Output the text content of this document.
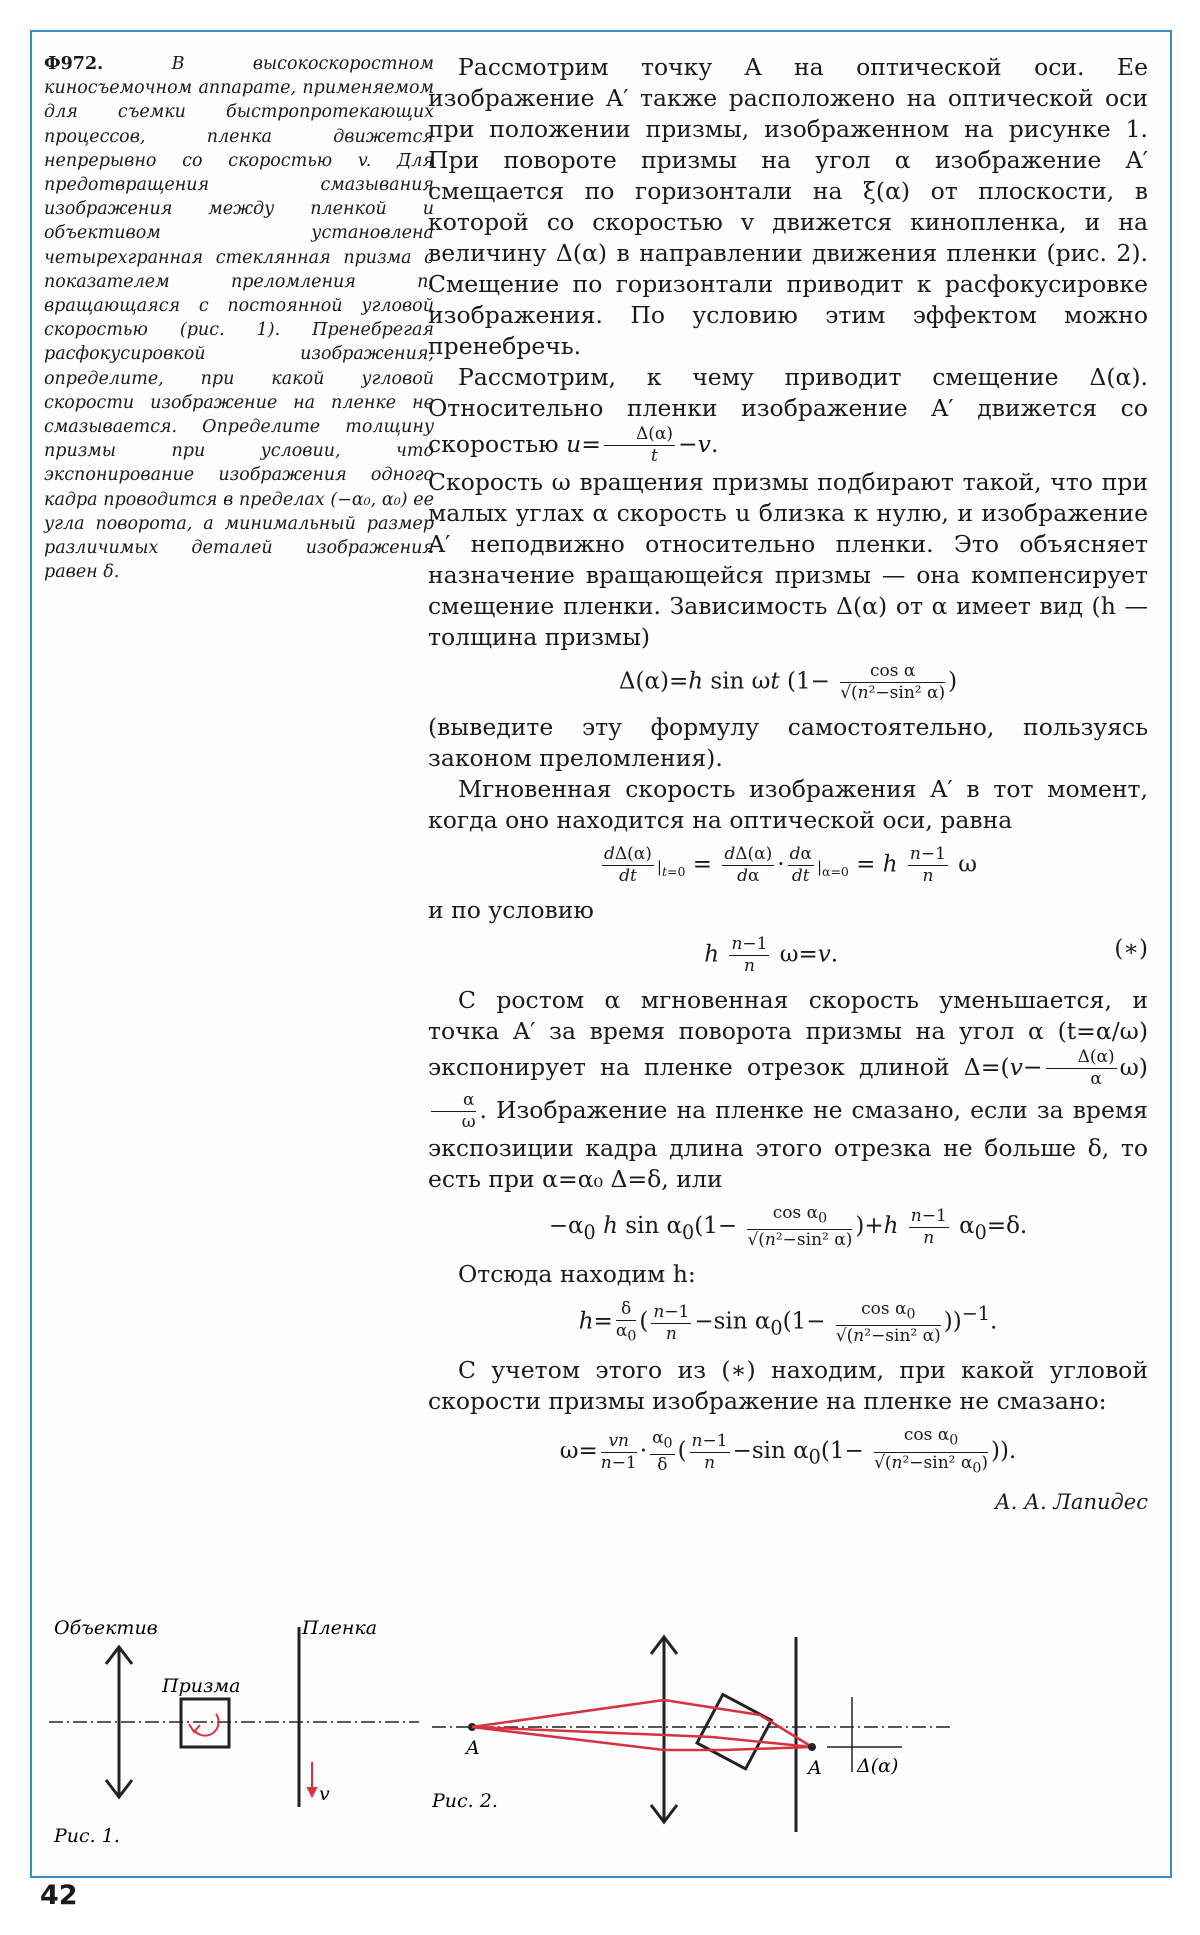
Ф972.	В высокоскоростном киносъемочном аппарате, применяемом для съемки быстропротекающих процессов, пленка движется непрерывно со скоростью v. Для предотвращения смазывания изображения между пленкой и объективом установлена четырехгранная стеклянная призма с показателем преломления n, вращающаяся с постоянной угловой скоростью (рис. 1). Пренебрегая расфокусировкой изображения, определите, при какой угловой скорости изображение на пленке не смазывается. Определите толщину призмы при условии, что экспонирование изображения одного кадра проводится в пределах (−α₀, α₀) ее угла поворота, а минимальный размер различимых деталей изображения равен δ.

Рассмотрим точку A на оптической оси. Ее изображение A′ также расположено на оптической оси при положении призмы, изображенном на рисунке 1. При повороте призмы на угол α изображение A′ смещается по горизонтали на ξ(α) от плоскости, в которой со скоростью v движется кинопленка, и на величину Δ(α) в направлении движения пленки (рис. 2). Смещение по горизонтали приводит к расфокусировке изображения. По условию этим эффектом можно пренебречь.

Рассмотрим, к чему приводит смещение Δ(α). Относительно пленки изображение A′ движется со скоростью $u= \frac{\Delta(\alpha)}{t} -v$.

Скорость ω вращения призмы подбирают такой, что при малых углах α скорость u близка к нулю, и изображение A′ неподвижно относительно пленки. Это объясняет назначение вращающейся призмы — она компенсирует смещение пленки. Зависимость Δ(α) от α имеет вид (h — толщина призмы)

Δ(α)=h sin ωt ($1- \frac{\text{cos α}}{\text{√(n²−sin² α)}}$ )

(выведите эту формулу самостоятельно, пользуясь законом преломления).

Мгновенная скорость изображения A′ в тот момент, когда оно находится на оптической оси, равна

$\frac{d\Delta(\alpha)}{dt} |_{t=0} = \frac{d\Delta(\alpha)}{d\alpha} \cdot \frac{d\alpha}{dt} |_{\alpha=0} = h \frac{n-1}{n}$ ω

и по условию

(∗)
h $\frac{n-1}{n} \omega=v$.

С ростом α мгновенная скорость уменьшается, и точка A′ за время поворота призмы на угол α (t=α/ω) экспонирует на пленке отрезок длиной $\Delta=(v- \frac{\Delta(\alpha)}{\alpha} \omega)$
$\frac{\alpha}{\omega}$ . Изображение на пленке не смазано, если за время экспозиции кадра длина этого отрезка не больше δ, то есть при α=α₀ Δ=δ, или

$-\alpha_0$ h $\sin \alpha_0(1- \frac{\cos \alpha_0}{\text{√(n²−sin² α)}} )+h \frac{n-1}{n} \alpha_0=\delta$.

Отсюда находим h:

$h= \frac{\delta}{\alpha_0}$ ( $\frac{n-1}{n} -\sin$ $\alpha_0(1- \frac{\cos \alpha_0}{\text{√(n²−sin² α)}} ))^{-1}$.

С учетом этого из (∗) находим, при какой угловой скорости призмы изображение на пленке не смазано:

$\omega= \frac{vn}{n-1} \cdot \frac{\alpha_0}{\delta}$ ( $\frac{n-1}{n} -\sin$ $\alpha_0(1- \frac{\cos \alpha_0}{√(n^2-\sin^2 \alpha_0)}$ )).
А. А. Лапидес
Объектив	Пленка
Призма
v
Рис. 1.
A
A Δ(α)
Рис. 2.
42
